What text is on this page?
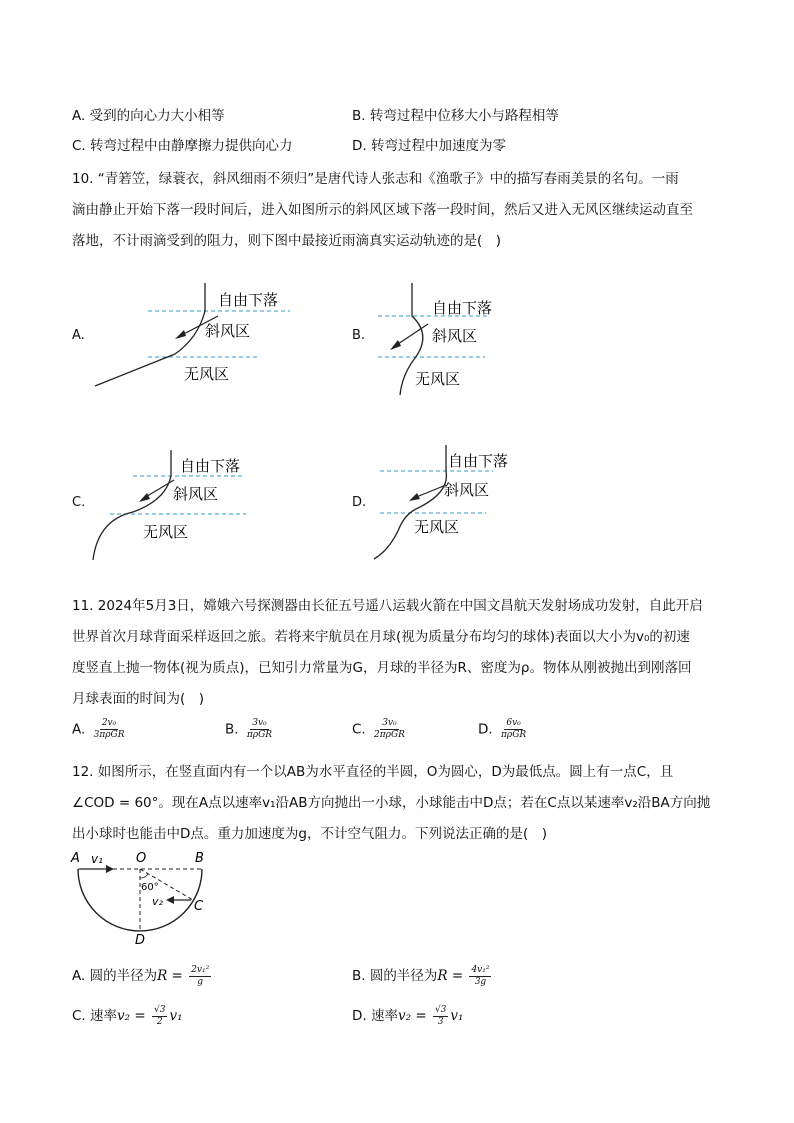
A. 受到的向心力大小相等	B. 转弯过程中位移大小与路程相等
C. 转弯过程中由静摩擦力提供向心力	D. 转弯过程中加速度为零
10. “青箬笠，绿蓑衣，斜风细雨不须归”是唐代诗人张志和《渔歌子》中的描写春雨美景的名句。一雨
滴由静止开始下落一段时间后，进入如图所示的斜风区域下落一段时间，然后又进入无风区继续运动直至
落地，不计雨滴受到的阻力，则下图中最接近雨滴真实运动轨迹的是(　)
A.
自由下落
斜风区
无风区
B.
自由下落
斜风区
无风区
C.
自由下落
斜风区
无风区
D.
自由下落
斜风区
无风区
11. 2024年5月3日，嫦娥六号探测器由长征五号遥八运载火箭在中国文昌航天发射场成功发射，自此开启
世界首次月球背面采样返回之旅。若将来宇航员在月球(视为质量分布均匀的球体)表面以大小为v₀的初速
度竖直上抛一物体(视为质点)，已知引力常量为G，月球的半径为R、密度为ρ。物体从刚被抛出到刚落回
月球表面的时间为(　)
A. $\frac{\text{2v₀}}{\text{3πρGR}}$	B. $\frac{\text{3v₀}}{\text{πρGR}}$	C. $\frac{\text{3v₀}}{\text{2πρGR}}$	D. $\frac{\text{6v₀}}{\text{πρGR}}$
12. 如图所示，在竖直面内有一个以AB为水平直径的半圆，O为圆心，D为最低点。圆上有一点C，且
∠COD = 60°。现在A点以速率v₁沿AB方向抛出一小球，小球能击中D点；若在C点以某速率v₂沿BA方向抛
出小球时也能击中D点。重力加速度为g，不计空气阻力。下列说法正确的是(　)
A v₁	O	B
60°
v₂ C
D
A. 圆的半径为$R = \frac{\text{2v₁²}}{g}$	B. 圆的半径为$R = \frac{\text{4v₁²}}{3g}$
C. 速率$v_2 = \frac{√3}{2} v_1$	D. 速率$v_2 = \frac{√3}{3} v_1$
